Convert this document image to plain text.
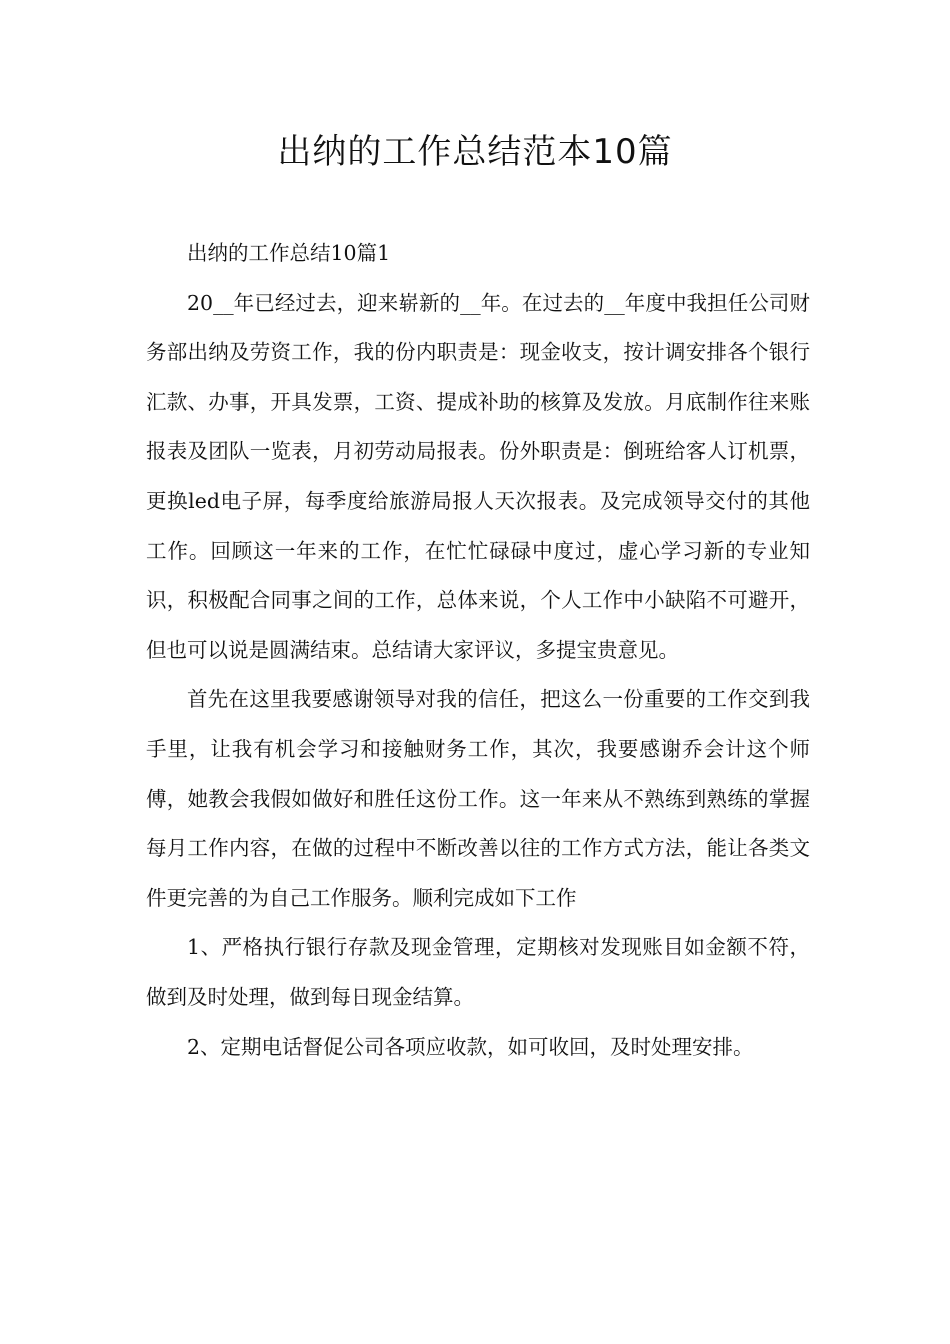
出纳的工作总结范本10篇

出纳的工作总结10篇1

20__年已经过去，迎来崭新的__年。在过去的__年度中我担任公司财务部出纳及劳资工作，我的份内职责是：现金收支，按计调安排各个银行汇款、办事，开具发票，工资、提成补助的核算及发放。月底制作往来账报表及团队一览表，月初劳动局报表。份外职责是：倒班给客人订机票，更换led电子屏，每季度给旅游局报人天次报表。及完成领导交付的其他工作。回顾这一年来的工作，在忙忙碌碌中度过，虚心学习新的专业知识，积极配合同事之间的工作，总体来说，个人工作中小缺陷不可避开，但也可以说是圆满结束。总结请大家评议，多提宝贵意见。

首先在这里我要感谢领导对我的信任，把这么一份重要的工作交到我手里，让我有机会学习和接触财务工作，其次，我要感谢乔会计这个师傅，她教会我假如做好和胜任这份工作。这一年来从不熟练到熟练的掌握每月工作内容，在做的过程中不断改善以往的工作方式方法，能让各类文件更完善的为自己工作服务。顺利完成如下工作

1、严格执行银行存款及现金管理，定期核对发现账目如金额不符，做到及时处理，做到每日现金结算。

2、定期电话督促公司各项应收款，如可收回，及时处理安排。
